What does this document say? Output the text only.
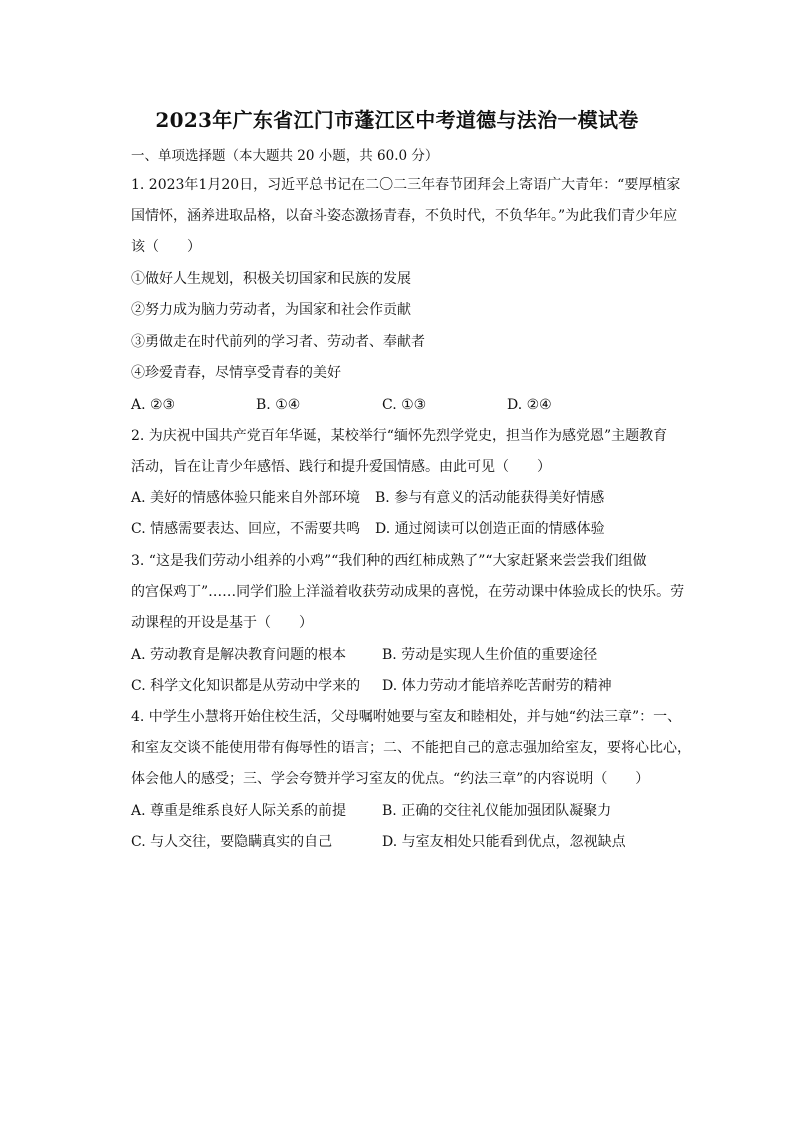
2023年广东省江门市蓬江区中考道德与法治一模试卷
一、单项选择题（本大题共 20 小题，共 60.0 分）
1. 2023年1月20日，习近平总书记在二〇二三年春节团拜会上寄语广大青年：“要厚植家
国情怀，涵养进取品格，以奋斗姿态激扬青春，不负时代，不负华年。”为此我们青少年应
该（　　）
①做好人生规划，积极关切国家和民族的发展
②努力成为脑力劳动者，为国家和社会作贡献
③勇做走在时代前列的学习者、劳动者、奉献者
④珍爱青春，尽情享受青春的美好
A. ②③	B. ①④	C. ①③	D. ②④
2. 为庆祝中国共产党百年华诞，某校举行“缅怀先烈学党史，担当作为感党恩”主题教育
活动，旨在让青少年感悟、践行和提升爱国情感。由此可见（　　）
A. 美好的情感体验只能来自外部环境 B. 参与有意义的活动能获得美好情感
C. 情感需要表达、回应，不需要共鸣 D. 通过阅读可以创造正面的情感体验
3. “这是我们劳动小组养的小鸡”“我们种的西红柿成熟了”“大家赶紧来尝尝我们组做
的宫保鸡丁”……同学们脸上洋溢着收获劳动成果的喜悦，在劳动课中体验成长的快乐。劳
动课程的开设是基于（　　）
A. 劳动教育是解决教育问题的根本	B. 劳动是实现人生价值的重要途径
C. 科学文化知识都是从劳动中学来的 D. 体力劳动才能培养吃苦耐劳的精神
4. 中学生小慧将开始住校生活，父母嘱咐她要与室友和睦相处，并与她“约法三章”：一、
和室友交谈不能使用带有侮辱性的语言；二、不能把自己的意志强加给室友，要将心比心，
体会他人的感受；三、学会夸赞并学习室友的优点。“约法三章”的内容说明（　　）
A. 尊重是维系良好人际关系的前提	B. 正确的交往礼仪能加强团队凝聚力
C. 与人交往，要隐瞒真实的自己	D. 与室友相处只能看到优点，忽视缺点
